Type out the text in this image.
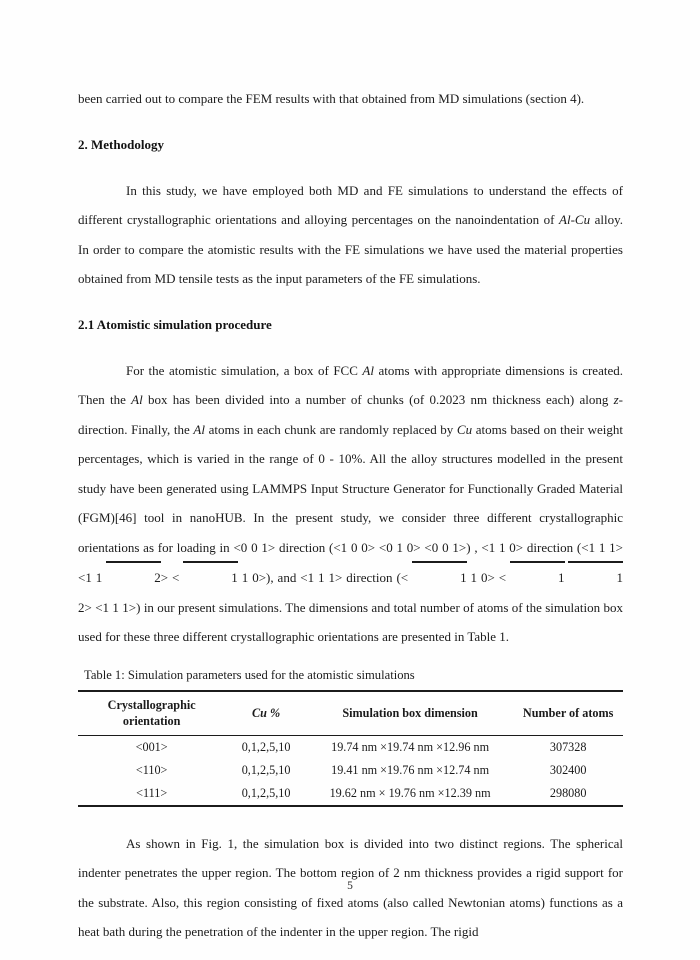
been carried out to compare the FEM results with that obtained from MD simulations (section 4).

2. Methodology

In this study, we have employed both MD and FE simulations to understand the effects of different crystallographic orientations and alloying percentages on the nanoindentation of Al-Cu alloy. In order to compare the atomistic results with the FE simulations we have used the material properties obtained from MD tensile tests as the input parameters of the FE simulations.

2.1 Atomistic simulation procedure

For the atomistic simulation, a box of FCC Al atoms with appropriate dimensions is created. Then the Al box has been divided into a number of chunks (of 0.2023 nm thickness each) along z-direction. Finally, the Al atoms in each chunk are randomly replaced by Cu atoms based on their weight percentages, which is varied in the range of 0 - 10%. All the alloy structures modelled in the present study have been generated using LAMMPS Input Structure Generator for Functionally Graded Material (FGM)[46] tool in nanoHUB. In the present study, we consider three different crystallographic orientations as for loading in <0 0 1> direction (<1 0 0> <0 1 0> <0 0 1>) , <1 1 0> direction (<1 1 1> <1 1	2> <	1 1 0>), and <1 1 1> direction (<	1 1 0> <	1	1 2> <1 1 1>) in our present simulations. The dimensions and total number of atoms of the simulation box used for these three different crystallographic orientations are presented in Table 1.

Table 1: Simulation parameters used for the atomistic simulations

Crystallographic
orientation	Cu %	Simulation box dimension	Number of atoms
<001>	0,1,2,5,10	19.74 nm ×19.74 nm ×12.96 nm	307328
<110>	0,1,2,5,10	19.41 nm ×19.76 nm ×12.74 nm	302400
<111>	0,1,2,5,10	19.62 nm × 19.76 nm ×12.39 nm	298080

As shown in Fig. 1, the simulation box is divided into two distinct regions. The spherical indenter penetrates the upper region. The bottom region of 2 nm thickness provides a rigid support for the substrate. Also, this region consisting of fixed atoms (also called Newtonian atoms) functions as a heat bath during the penetration of the indenter in the upper region. The rigid

5
